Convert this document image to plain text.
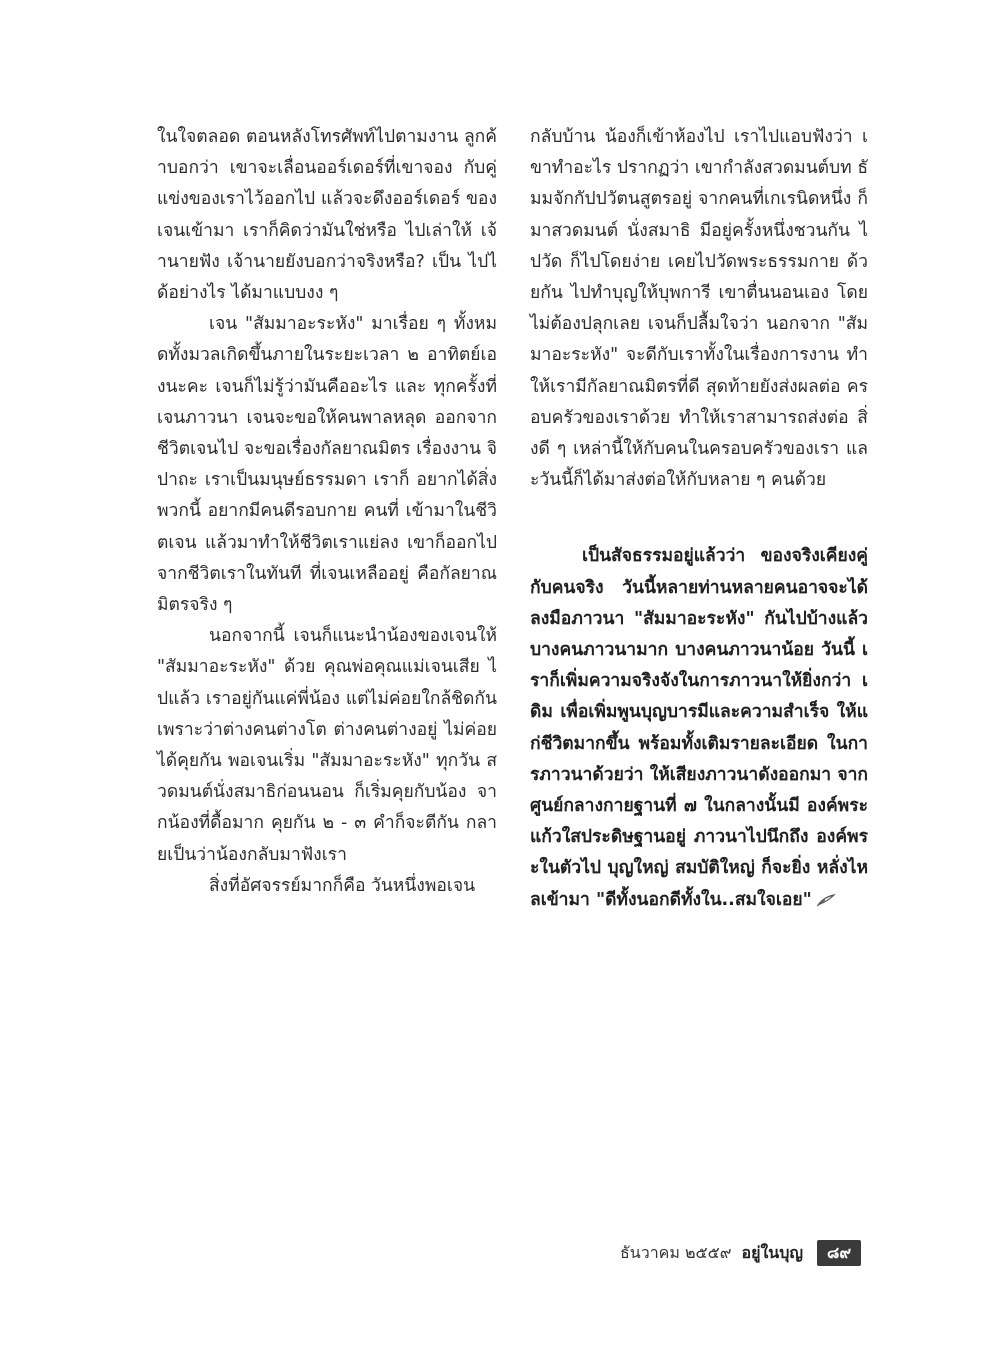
ในใจตลอด ตอนหลังโทรศัพท์ไปตามงาน ลูกค้าบอกว่า เขาจะเลื่อนออร์เดอร์ที่เขาจอง กับคู่แข่งของเราไว้ออกไป แล้วจะดึงออร์เดอร์ ของเจนเข้ามา เราก็คิดว่ามันใช่หรือ ไปเล่าให้ เจ้านายฟัง เจ้านายยังบอกว่าจริงหรือ? เป็น ไปได้อย่างไร ได้มาแบบงง ๆ

เจน "สัมมาอะระหัง" มาเรื่อย ๆ ทั้งหมดทั้งมวลเกิดขึ้นภายในระยะเวลา ๒ อาทิตย์เองนะคะ เจนก็ไม่รู้ว่ามันคืออะไร และ ทุกครั้งที่เจนภาวนา เจนจะขอให้คนพาลหลุด ออกจากชีวิตเจนไป จะขอเรื่องกัลยาณมิตร เรื่องงาน จิปาถะ เราเป็นมนุษย์ธรรมดา เราก็ อยากได้สิ่งพวกนี้ อยากมีคนดีรอบกาย คนที่ เข้ามาในชีวิตเจน แล้วมาทำให้ชีวิตเราแย่ลง เขาก็ออกไปจากชีวิตเราในทันที ที่เจนเหลืออยู่ คือกัลยาณมิตรจริง ๆ

นอกจากนี้ เจนก็แนะนำน้องของเจนให้ "สัมมาอะระหัง" ด้วย คุณพ่อคุณแม่เจนเสีย ไปแล้ว เราอยู่กันแค่พี่น้อง แต่ไม่ค่อยใกล้ชิดกัน เพราะว่าต่างคนต่างโต ต่างคนต่างอยู่ ไม่ค่อย ได้คุยกัน พอเจนเริ่ม "สัมมาอะระหัง" ทุกวัน สวดมนต์นั่งสมาธิก่อนนอน ก็เริ่มคุยกับน้อง จากน้องที่ดื้อมาก คุยกัน ๒ - ๓ คำก็จะตีกัน กลายเป็นว่าน้องกลับมาฟังเรา

สิ่งที่อัศจรรย์มากก็คือ วันหนึ่งพอเจน

กลับบ้าน น้องก็เข้าห้องไป เราไปแอบฟังว่า เขาทำอะไร ปรากฏว่า เขากำลังสวดมนต์บท ธัมมจักกัปปวัตนสูตรอยู่ จากคนที่เกเรนิดหนึ่ง ก็มาสวดมนต์ นั่งสมาธิ มีอยู่ครั้งหนึ่งชวนกัน ไปวัด ก็ไปโดยง่าย เคยไปวัดพระธรรมกาย ด้วยกัน ไปทำบุญให้บุพการี เขาตื่นนอนเอง โดยไม่ต้องปลุกเลย เจนก็ปลื้มใจว่า นอกจาก "สัมมาอะระหัง" จะดีกับเราทั้งในเรื่องการงาน ทำให้เรามีกัลยาณมิตรที่ดี สุดท้ายยังส่งผลต่อ ครอบครัวของเราด้วย ทำให้เราสามารถส่งต่อ สิ่งดี ๆ เหล่านี้ให้กับคนในครอบครัวของเรา และวันนี้ก็ได้มาส่งต่อให้กับหลาย ๆ คนด้วย

เป็นสัจธรรมอยู่แล้วว่า ของจริงเคียงคู่ กับคนจริง วันนี้หลายท่านหลายคนอาจจะได้ ลงมือภาวนา "สัมมาอะระหัง" กันไปบ้างแล้ว บางคนภาวนามาก บางคนภาวนาน้อย วันนี้ เราก็เพิ่มความจริงจังในการภาวนาให้ยิ่งกว่า เดิม เพื่อเพิ่มพูนบุญบารมีและความสำเร็จ ให้แก่ชีวิตมากขึ้น พร้อมทั้งเติมรายละเอียด ในการภาวนาด้วยว่า ให้เสียงภาวนาดังออกมา จากศูนย์กลางกายฐานที่ ๗ ในกลางนั้นมี องค์พระแก้วใสประดิษฐานอยู่ ภาวนาไปนึกถึง องค์พระในตัวไป บุญใหญ่ สมบัติใหญ่ ก็จะยิ่ง หลั่งไหลเข้ามา "ดีทั้งนอกดีทั้งใน..สมใจเอย"

ธันวาคม ๒๕๕๙ อยู่ในบุญ	๘๙
